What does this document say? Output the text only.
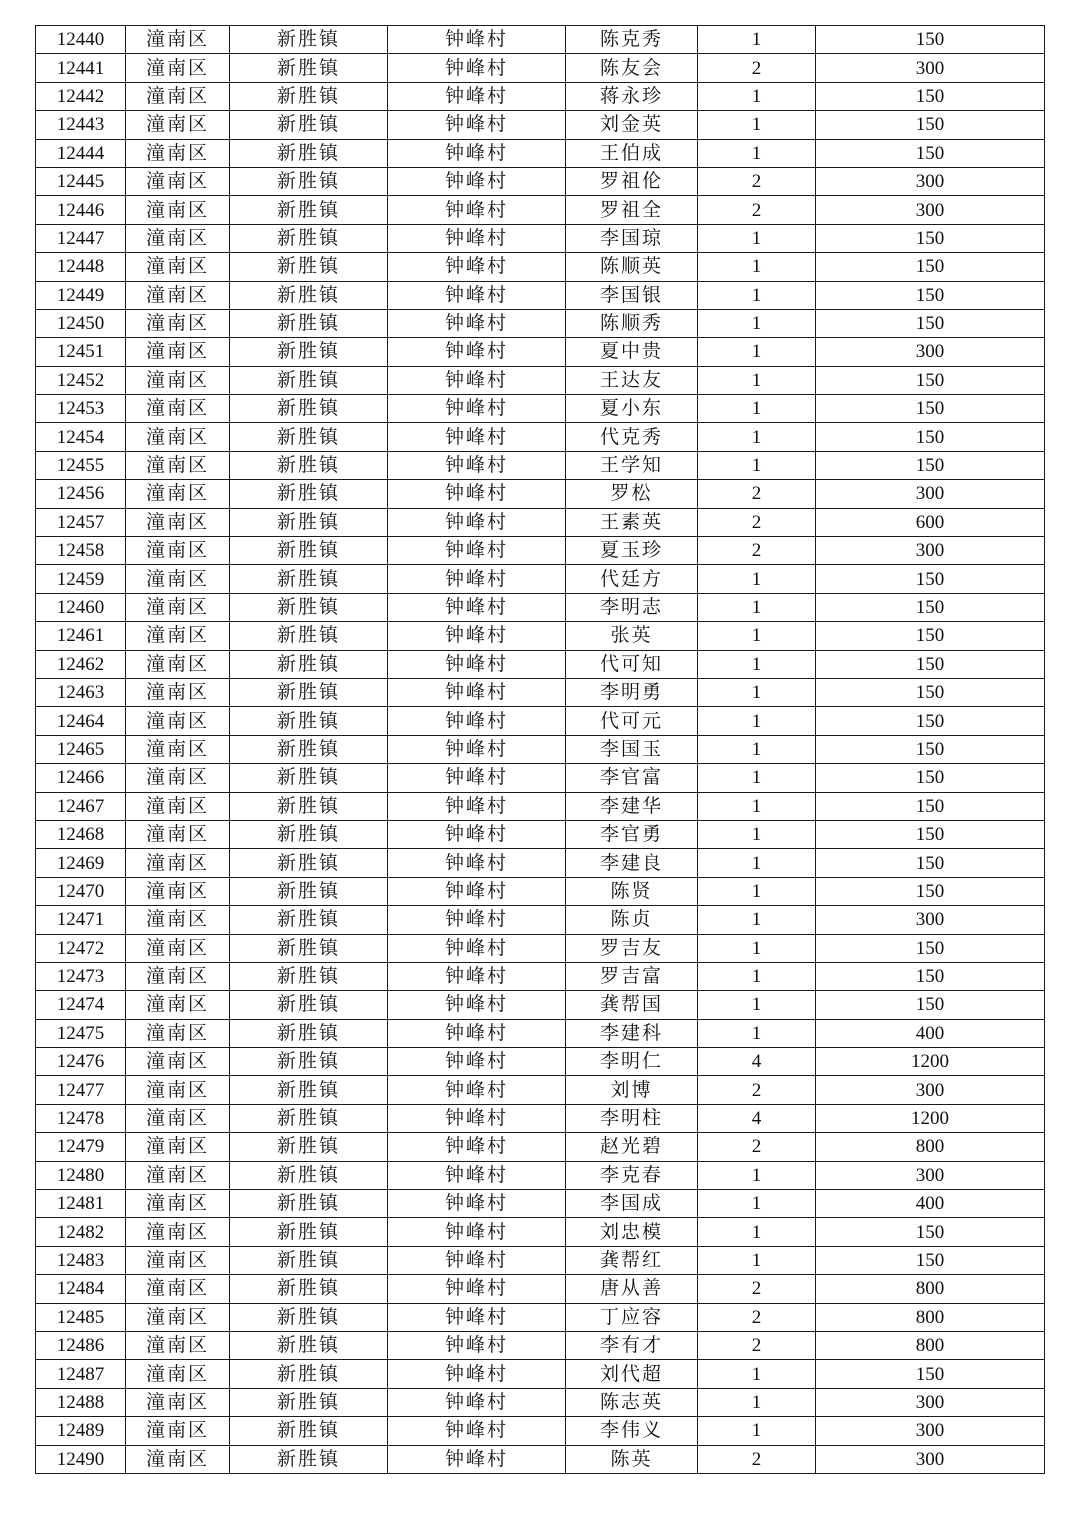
12440	潼南区	新胜镇	钟峰村	陈克秀	1	150
12441	潼南区	新胜镇	钟峰村	陈友会	2	300
12442	潼南区	新胜镇	钟峰村	蒋永珍	1	150
12443	潼南区	新胜镇	钟峰村	刘金英	1	150
12444	潼南区	新胜镇	钟峰村	王伯成	1	150
12445	潼南区	新胜镇	钟峰村	罗祖伦	2	300
12446	潼南区	新胜镇	钟峰村	罗祖全	2	300
12447	潼南区	新胜镇	钟峰村	李国琼	1	150
12448	潼南区	新胜镇	钟峰村	陈顺英	1	150
12449	潼南区	新胜镇	钟峰村	李国银	1	150
12450	潼南区	新胜镇	钟峰村	陈顺秀	1	150
12451	潼南区	新胜镇	钟峰村	夏中贵	1	300
12452	潼南区	新胜镇	钟峰村	王达友	1	150
12453	潼南区	新胜镇	钟峰村	夏小东	1	150
12454	潼南区	新胜镇	钟峰村	代克秀	1	150
12455	潼南区	新胜镇	钟峰村	王学知	1	150
12456	潼南区	新胜镇	钟峰村	罗松	2	300
12457	潼南区	新胜镇	钟峰村	王素英	2	600
12458	潼南区	新胜镇	钟峰村	夏玉珍	2	300
12459	潼南区	新胜镇	钟峰村	代廷方	1	150
12460	潼南区	新胜镇	钟峰村	李明志	1	150
12461	潼南区	新胜镇	钟峰村	张英	1	150
12462	潼南区	新胜镇	钟峰村	代可知	1	150
12463	潼南区	新胜镇	钟峰村	李明勇	1	150
12464	潼南区	新胜镇	钟峰村	代可元	1	150
12465	潼南区	新胜镇	钟峰村	李国玉	1	150
12466	潼南区	新胜镇	钟峰村	李官富	1	150
12467	潼南区	新胜镇	钟峰村	李建华	1	150
12468	潼南区	新胜镇	钟峰村	李官勇	1	150
12469	潼南区	新胜镇	钟峰村	李建良	1	150
12470	潼南区	新胜镇	钟峰村	陈贤	1	150
12471	潼南区	新胜镇	钟峰村	陈贞	1	300
12472	潼南区	新胜镇	钟峰村	罗吉友	1	150
12473	潼南区	新胜镇	钟峰村	罗吉富	1	150
12474	潼南区	新胜镇	钟峰村	龚帮国	1	150
12475	潼南区	新胜镇	钟峰村	李建科	1	400
12476	潼南区	新胜镇	钟峰村	李明仁	4	1200
12477	潼南区	新胜镇	钟峰村	刘博	2	300
12478	潼南区	新胜镇	钟峰村	李明柱	4	1200
12479	潼南区	新胜镇	钟峰村	赵光碧	2	800
12480	潼南区	新胜镇	钟峰村	李克春	1	300
12481	潼南区	新胜镇	钟峰村	李国成	1	400
12482	潼南区	新胜镇	钟峰村	刘忠模	1	150
12483	潼南区	新胜镇	钟峰村	龚帮红	1	150
12484	潼南区	新胜镇	钟峰村	唐从善	2	800
12485	潼南区	新胜镇	钟峰村	丁应容	2	800
12486	潼南区	新胜镇	钟峰村	李有才	2	800
12487	潼南区	新胜镇	钟峰村	刘代超	1	150
12488	潼南区	新胜镇	钟峰村	陈志英	1	300
12489	潼南区	新胜镇	钟峰村	李伟义	1	300
12490	潼南区	新胜镇	钟峰村	陈英	2	300
